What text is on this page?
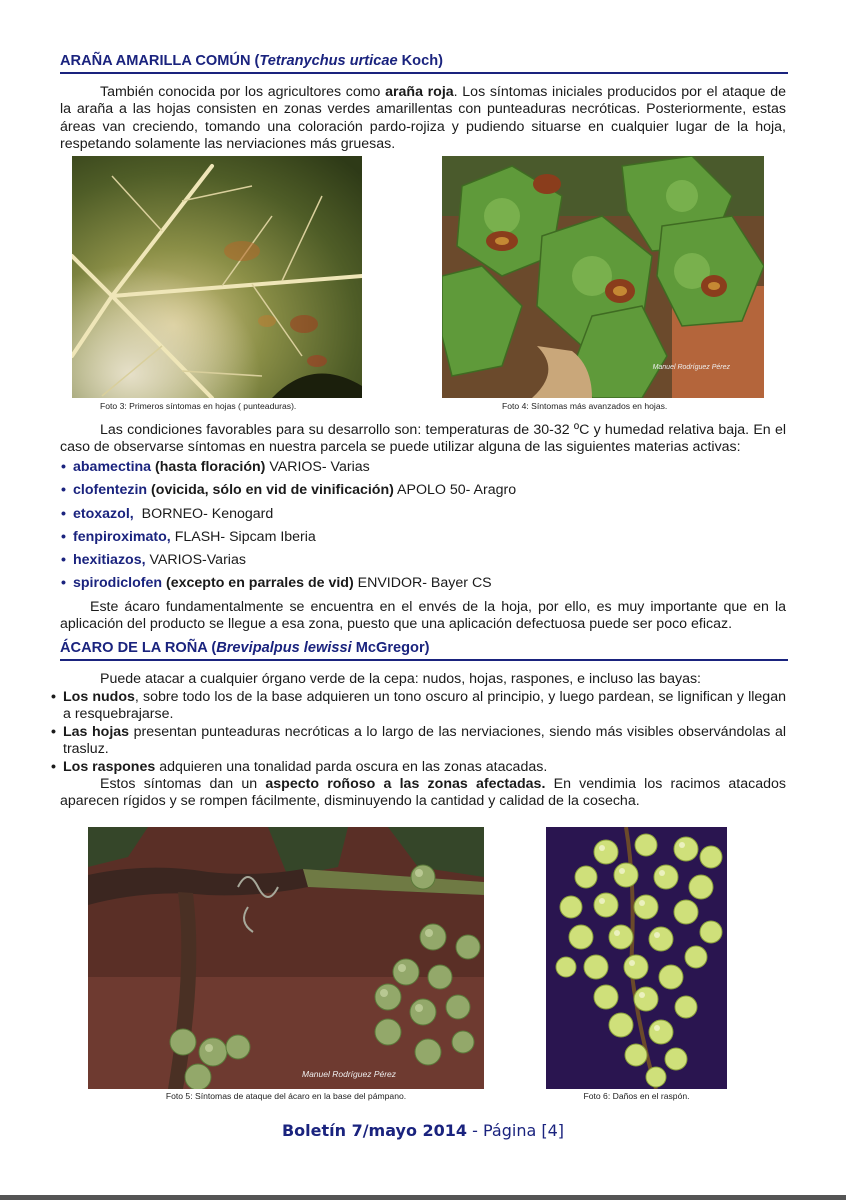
ARAÑA AMARILLA COMÚN (Tetranychus urticae Koch)
También conocida por los agricultores como araña roja. Los síntomas iniciales producidos por el ataque de la araña a las hojas consisten en zonas verdes amarillentas con punteaduras necróticas. Posteriormente, estas áreas van creciendo, tomando una coloración pardo-rojiza y pudiendo situarse en cualquier lugar de la hoja, respetando solamente las nerviaciones más gruesas.
Foto 3: Primeros síntomas en hojas ( punteaduras).
Manuel Rodríguez Pérez
Foto 4: Síntomas más avanzados en hojas.
Las condiciones favorables para su desarrollo son: temperaturas de 30-32 ºC y humedad relativa baja. En el caso de observarse síntomas en nuestra parcela se puede utilizar alguna de las siguientes materias activas:
• abamectina (hasta floración) VARIOS- Varias
• clofentezin (ovicida, sólo en vid de vinificación) APOLO 50- Aragro
• etoxazol,  BORNEO- Kenogard
• fenpiroximato, FLASH- Sipcam Iberia
• hexitiazos, VARIOS-Varias
• spirodiclofen (excepto en parrales de vid) ENVIDOR- Bayer CS
Este ácaro fundamentalmente se encuentra en el envés de la hoja, por ello, es muy importante que en la aplicación del producto se llegue a esa zona, puesto que una aplicación defectuosa puede ser poco eficaz.
ÁCARO DE LA ROÑA (Brevipalpus lewissi McGregor)
Puede atacar a cualquier órgano verde de la cepa: nudos, hojas, raspones, e incluso las bayas:
• Los nudos, sobre todo los de la base adquieren un tono oscuro al principio, y luego pardean, se lignifican y llegan a resquebrajarse.
• Las hojas presentan punteaduras necróticas a lo largo de las nerviaciones, siendo más visibles observándolas al trasluz.
• Los raspones adquieren una tonalidad parda oscura en las zonas atacadas.
Estos síntomas dan un aspecto roñoso a las zonas afectadas. En vendimia los racimos atacados aparecen rígidos y se rompen fácilmente, disminuyendo la cantidad y calidad de la cosecha.
Manuel Rodríguez Pérez
Foto 5: Síntomas de ataque del ácaro en la base del pámpano.	Foto 6: Daños en el raspón.
Boletín 7/mayo 2014 - Página [4]
